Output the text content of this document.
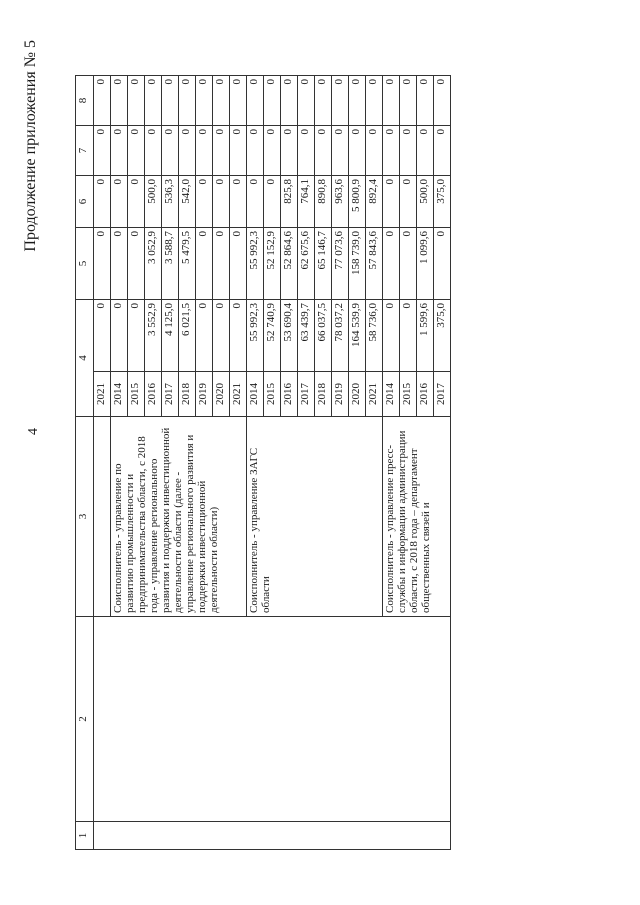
Продолжение приложения № 5
4
1	2	3	4		5	6	7	8
			2021	0	0	0	0	0
		Соисполнитель - управление по развитию промышленности и предпринимательства области, с 2018 года - управление регионального развития и поддержки инвестиционной деятельности области (далее - управление регионального развития и поддержки инвестиционной деятельности области)	2014	0	0	0	0	0
			2015	0	0	0	0	0
			2016	3 552,9	3 052,9	500,0	0	0
			2017	4 125,0	3 588,7	536,3	0	0
			2018	6 021,5	5 479,5	542,0	0	0
			2019	0	0	0	0	0
			2020	0	0	0	0	0
			2021	0	0	0	0	0
		Соисполнитель - управление ЗАГС области	2014	55 992,3	55 992,3	0	0	0
			2015	52 740,9	52 152,9	0	0	0
			2016	53 690,4	52 864,6	825,8	0	0
			2017	63 439,7	62 675,6	764,1	0	0
			2018	66 037,5	65 146,7	890,8	0	0
			2019	78 037,2	77 073,6	963,6	0	0
			2020	164 539,9	158 739,0	5 800,9	0	0
			2021	58 736,0	57 843,6	892,4	0	0
		Соисполнитель - управление пресс-службы и информации администрации области, с 2018 года – департамент общественных связей и	2014	0	0	0	0	0
			2015	0	0	0	0	0
			2016	1 599,6	1 099,6	500,0	0	0
			2017	375,0	0	375,0	0	0
